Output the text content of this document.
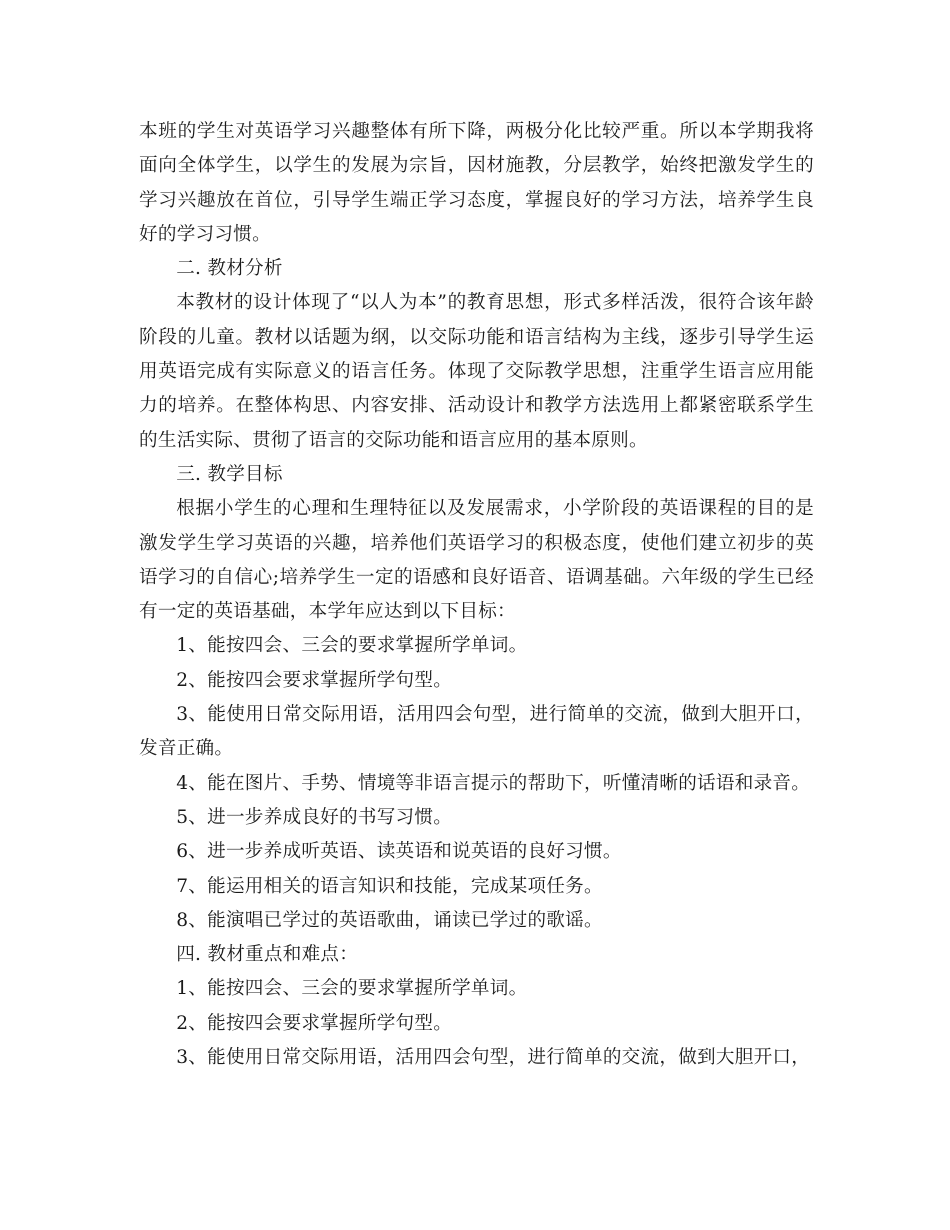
本班的学生对英语学习兴趣整体有所下降，两极分化比较严重。所以本学期我将面向全体学生，以学生的发展为宗旨，因材施教，分层教学，始终把激发学生的学习兴趣放在首位，引导学生端正学习态度，掌握良好的学习方法，培养学生良好的学习习惯。

二. 教材分析

本教材的设计体现了“以人为本”的教育思想，形式多样活泼，很符合该年龄阶段的儿童。教材以话题为纲，以交际功能和语言结构为主线，逐步引导学生运用英语完成有实际意义的语言任务。体现了交际教学思想，注重学生语言应用能力的培养。在整体构思、内容安排、活动设计和教学方法选用上都紧密联系学生的生活实际、贯彻了语言的交际功能和语言应用的基本原则。

三. 教学目标

根据小学生的心理和生理特征以及发展需求，小学阶段的英语课程的目的是激发学生学习英语的兴趣，培养他们英语学习的积极态度，使他们建立初步的英语学习的自信心;培养学生一定的语感和良好语音、语调基础。六年级的学生已经有一定的英语基础，本学年应达到以下目标：

1、能按四会、三会的要求掌握所学单词。

2、能按四会要求掌握所学句型。

3、能使用日常交际用语，活用四会句型，进行简单的交流，做到大胆开口，发音正确。

4、能在图片、手势、情境等非语言提示的帮助下，听懂清晰的话语和录音。

5、进一步养成良好的书写习惯。

6、进一步养成听英语、读英语和说英语的良好习惯。

7、能运用相关的语言知识和技能，完成某项任务。

8、能演唱已学过的英语歌曲，诵读已学过的歌谣。

四. 教材重点和难点：

1、能按四会、三会的要求掌握所学单词。

2、能按四会要求掌握所学句型。

3、能使用日常交际用语，活用四会句型，进行简单的交流，做到大胆开口，
